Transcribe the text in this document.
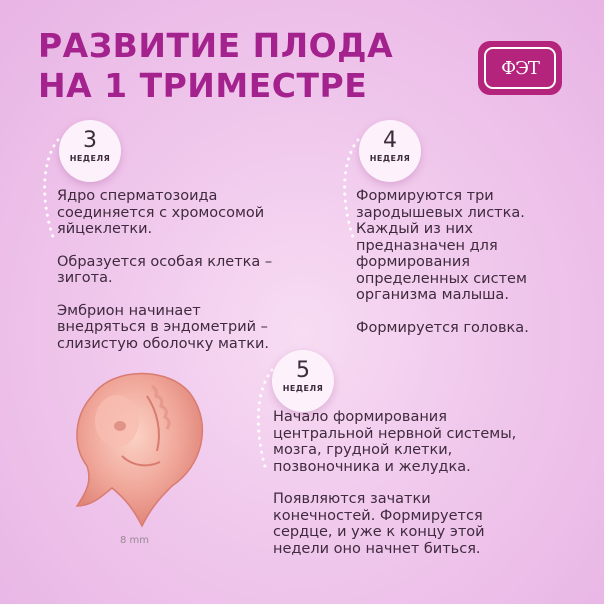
РАЗВИТИЕ ПЛОДА
НА 1 ТРИМЕСТРЕ	ФЭТ
3
НЕДЕЛЯ
4
НЕДЕЛЯ
5
НЕДЕЛЯ

Ядро сперматозоида соединяется с хромосомой яйцеклетки.

Образуется особая клетка – зигота.

Эмбрион начинает внедряться в эндометрий – слизистую оболочку матки.

Формируются три зародышевых листка. Каждый из них предназначен для формирования определенных систем организма малыша.

Формируется головка.

Начало формирования центральной нервной системы, мозга, грудной клетки, позвоночника и желудка.

Появляются зачатки конечностей. Формируется сердце, и уже к концу этой недели оно начнет биться.

8 mm
